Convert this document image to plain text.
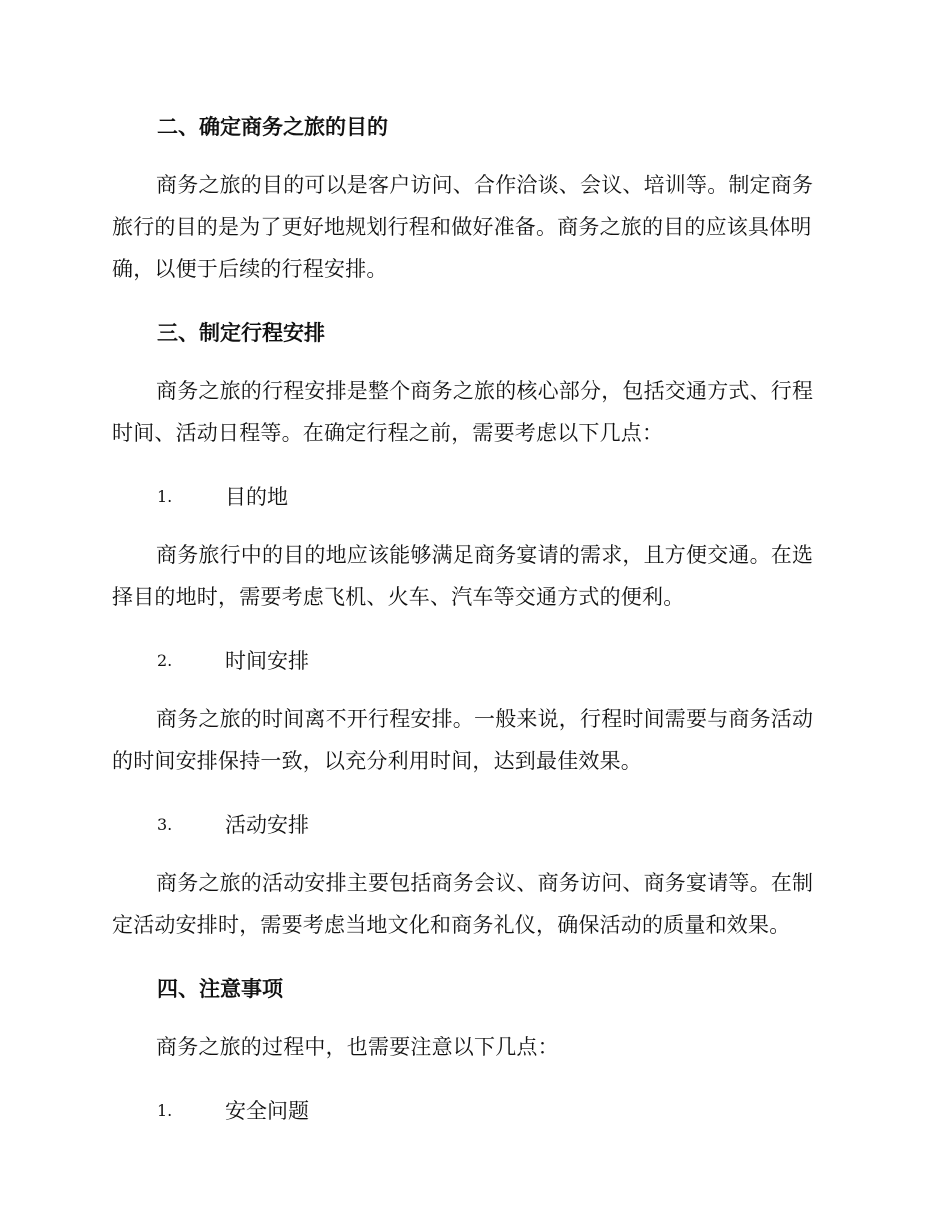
二、确定商务之旅的目的

商务之旅的目的可以是客户访问、合作洽谈、会议、培训等。制定商务旅行的目的是为了更好地规划行程和做好准备。商务之旅的目的应该具体明确，以便于后续的行程安排。

三、制定行程安排

商务之旅的行程安排是整个商务之旅的核心部分，包括交通方式、行程时间、活动日程等。在确定行程之前，需要考虑以下几点：

1.	目的地

商务旅行中的目的地应该能够满足商务宴请的需求，且方便交通。在选择目的地时，需要考虑飞机、火车、汽车等交通方式的便利。

2.	时间安排

商务之旅的时间离不开行程安排。一般来说，行程时间需要与商务活动的时间安排保持一致，以充分利用时间，达到最佳效果。

3.	活动安排

商务之旅的活动安排主要包括商务会议、商务访问、商务宴请等。在制定活动安排时，需要考虑当地文化和商务礼仪，确保活动的质量和效果。

四、注意事项

商务之旅的过程中，也需要注意以下几点：

1.	安全问题
